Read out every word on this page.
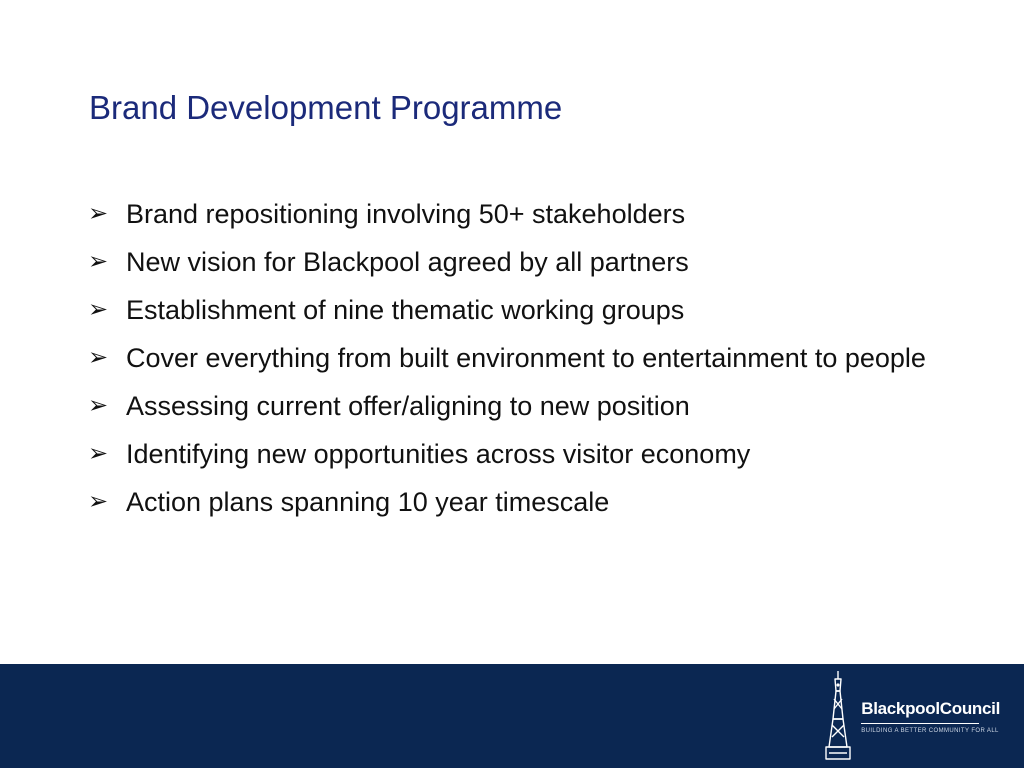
Brand Development Programme
➢ Brand repositioning involving 50+ stakeholders
➢ New vision for Blackpool agreed by all partners
➢ Establishment of nine thematic working groups
➢ Cover everything from built environment to entertainment to people
➢ Assessing current offer/aligning to new position
➢ Identifying new opportunities across visitor economy
➢ Action plans spanning 10 year timescale
BlackpoolCouncil
BUILDING A BETTER COMMUNITY FOR ALL
